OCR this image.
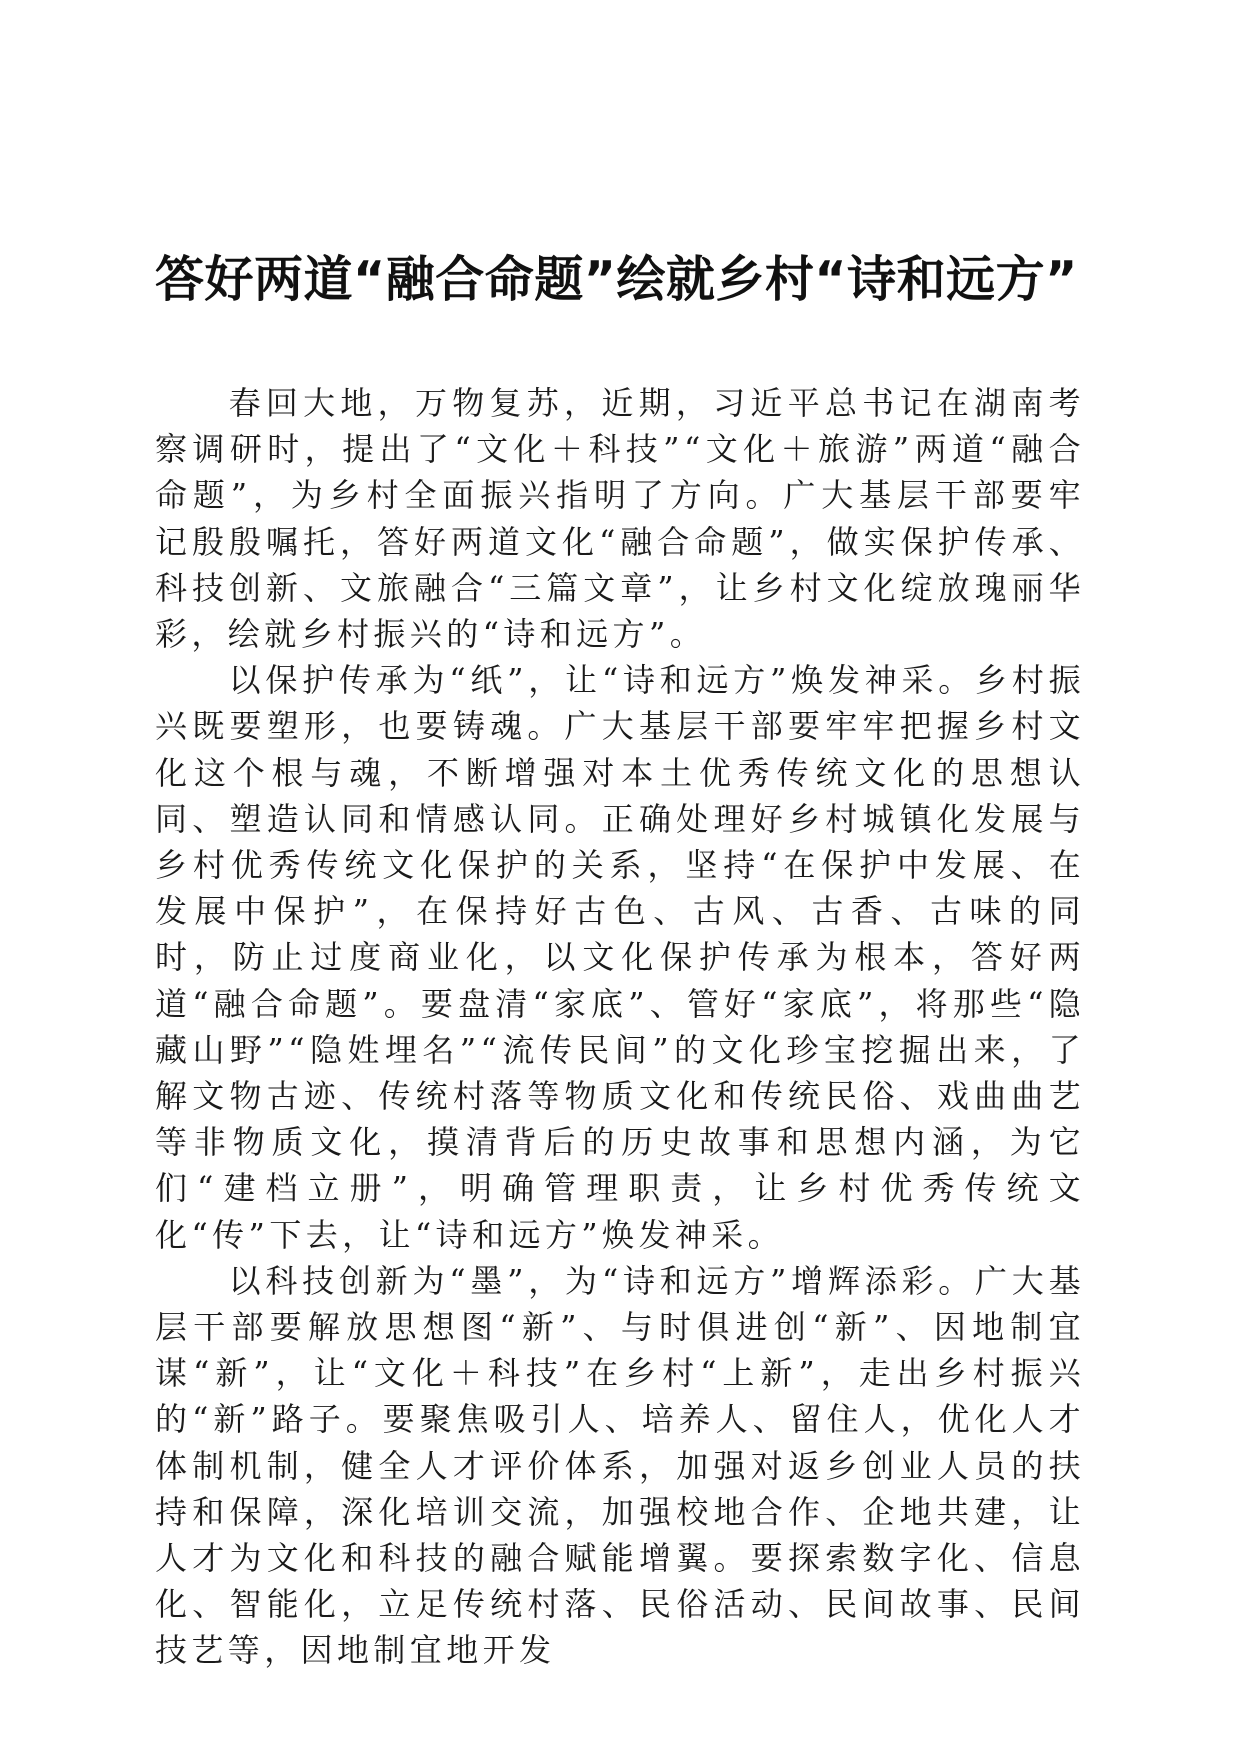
答好两道“融合命题”绘就乡村“诗和远方”

春回大地，万物复苏，近期，习近平总书记在湖南考察调研时，提出了“文化＋科技”“文化＋旅游”两道“融合命题”，为乡村全面振兴指明了方向。广大基层干部要牢记殷殷嘱托，答好两道文化“融合命题”，做实保护传承、科技创新、文旅融合“三篇文章”，让乡村文化绽放瑰丽华彩，绘就乡村振兴的“诗和远方”。

以保护传承为“纸”，让“诗和远方”焕发神采。乡村振兴既要塑形，也要铸魂。广大基层干部要牢牢把握乡村文化这个根与魂，不断增强对本土优秀传统文化的思想认同、塑造认同和情感认同。正确处理好乡村城镇化发展与乡村优秀传统文化保护的关系，坚持“在保护中发展、在发展中保护”，在保持好古色、古风、古香、古味的同时，防止过度商业化，以文化保护传承为根本，答好两道“融合命题”。要盘清“家底”、管好“家底”，将那些“隐藏山野”“隐姓埋名”“流传民间”的文化珍宝挖掘出来，了解文物古迹、传统村落等物质文化和传统民俗、戏曲曲艺等非物质文化，摸清背后的历史故事和思想内涵，为它们“建档立册”，明确管理职责，让乡村优秀传统文化“传”下去，让“诗和远方”焕发神采。

以科技创新为“墨”，为“诗和远方”增辉添彩。广大基层干部要解放思想图“新”、与时俱进创“新”、因地制宜谋“新”，让“文化＋科技”在乡村“上新”，走出乡村振兴的“新”路子。要聚焦吸引人、培养人、留住人，优化人才体制机制，健全人才评价体系，加强对返乡创业人员的扶持和保障，深化培训交流，加强校地合作、企地共建，让人才为文化和科技的融合赋能增翼。要探索数字化、信息化、智能化，立足传统村落、民俗活动、民间故事、民间技艺等，因地制宜地开发
